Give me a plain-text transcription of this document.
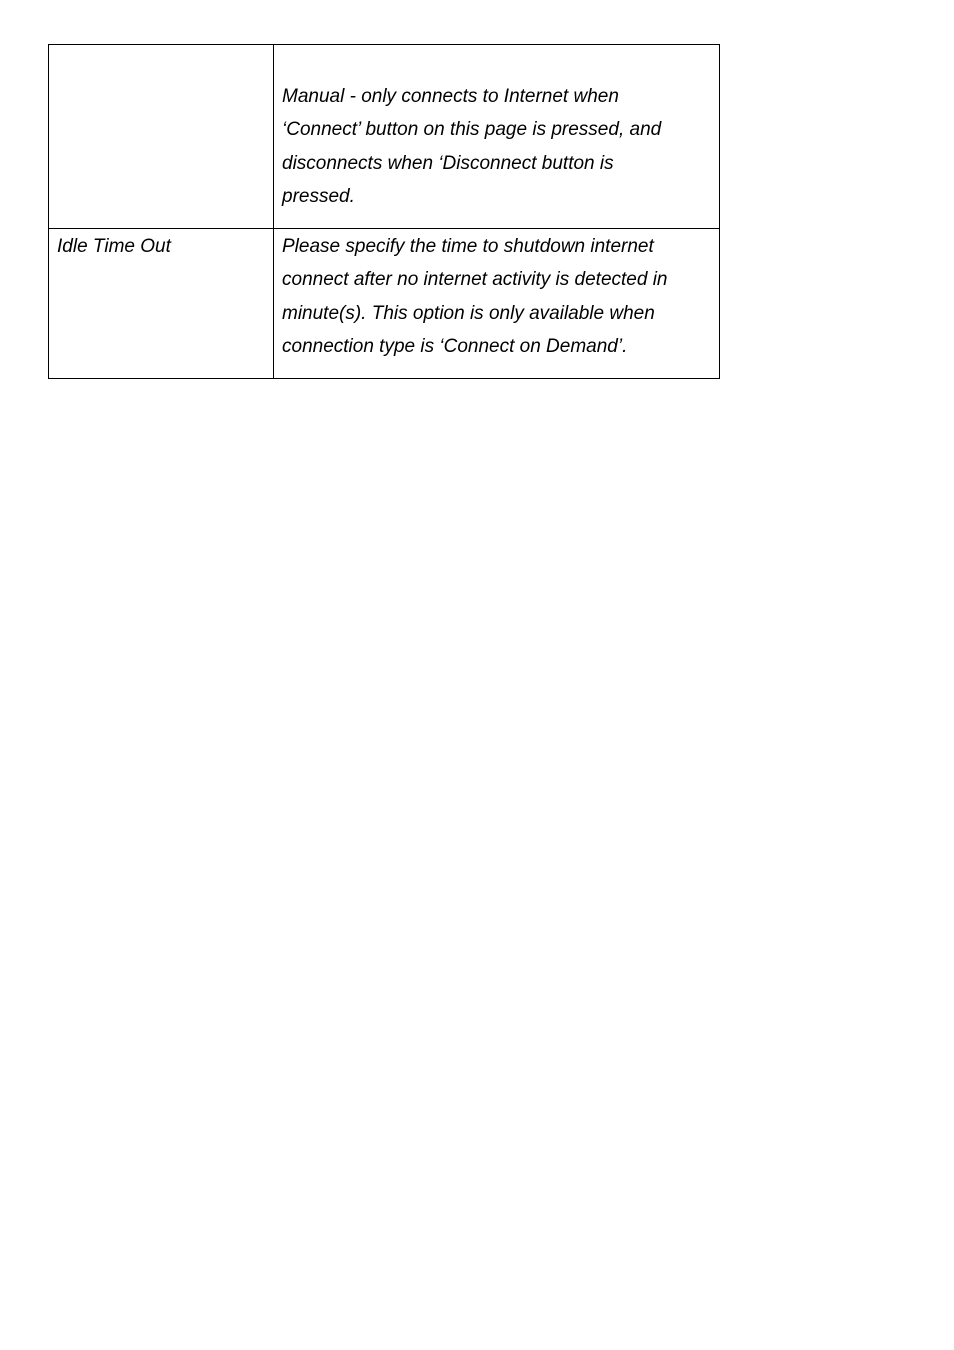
	Manual - only connects to Internet when
‘Connect’ button on this page is pressed, and
disconnects when ‘Disconnect button is
pressed.

Idle Time Out	Please specify the time to shutdown internet
connect after no internet activity is detected in
minute(s). This option is only available when
connection type is ‘Connect on Demand’.
